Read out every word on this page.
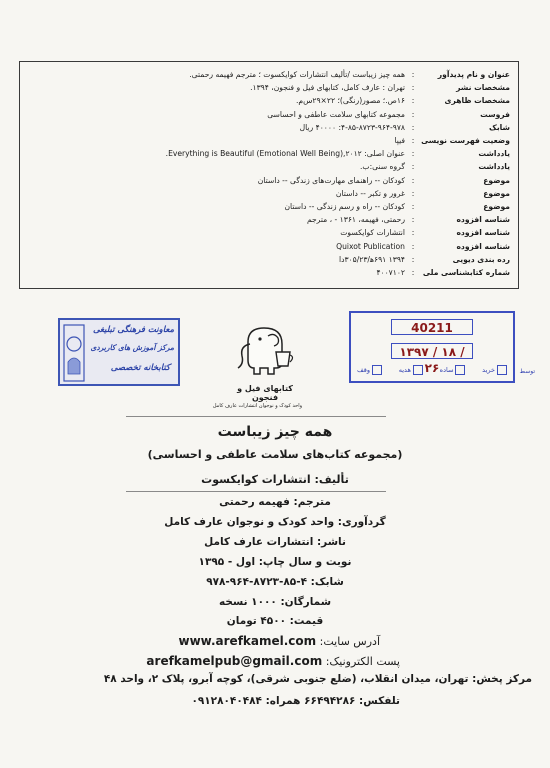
عنوان و نام پدیدآور
:
همه چیز زیباست /تألیف انتشارات کوایکسوت ؛ مترجم فهیمه رحمتی.
مشخصات نشر
:
تهران : عارف کامل، کتابهای فیل و فنجون، ۱۳۹۴.
مشخصات ظاهری
:
۱۶ص.؛ مصور(رنگی)؛ ۲۲×۲۹س‌م.
فروست
:
مجموعه کتابهای سلامت عاطفی و احساسی
شابک
:
۴-۸۵-۸۷۲۳-۹۶۴-۹۷۸: ۴۰۰۰۰ ریال
وضعیت فهرست نویسی
:
فیپا
یادداشت
:
عنوان اصلی: Everything is Beautiful (Emotional Well Being),۲۰۱۲.
یادداشت
:
گروه سنی:ب.
موضوع
:
کودکان -- راهنمای مهارت‌های زندگی -- داستان
موضوع
:
غرور و تکبر -- داستان
موضوع
:
کودکان -- راه و رسم زندگی -- داستان
شناسه افزوده
:
رحمتی، فهیمه، ۱۳۶۱ - ، مترجم
شناسه افزوده
:
انتشارات کوایکسوت
شناسه افزوده
:
Quixot Publication
رده بندی دیویی
:
۱۳۹۴ ۶۹۱ه‍/۳۰۵/۲۳دا
شماره کتابشناسی ملی
:
۴۰۰۷۱۰۲
40211
۱۳۹۷ / ۱۸ / ۲۶	خرید
ساده
هدیه
وقف	توسط
معاونت فرهنگی تبلیغی
مرکز آموزش های کاربردی
کتابخانه تخصصی
کتابهای فیل و فنجون
واحد کودک و نوجوان انتشارات عارف کامل
همه چیز زیباست
(مجموعه کتاب‌های سلامت عاطفی و احساسی)
تألیف: انتشارات کوایکسوت
مترجم: فهیمه رحمتی
گردآوری: واحد کودک و نوجوان عارف کامل
ناشر: انتشارات عارف کامل
نوبت و سال چاپ: اول - ۱۳۹۵
شابک: ۴-۸۵-۸۷۲۳-۹۶۴-۹۷۸
شمارگان: ۱۰۰۰ نسخه
قیمت: ۴۵۰۰ تومان
آدرس سایت: www.arefkamel.com
پست الکترونیک: arefkamelpub@gmail.com
مرکز پخش: تهران، میدان انقلاب، (ضلع جنوبی شرقی)، کوچه آبرو، پلاک ۲، واحد ۴۸
تلفکس: ۶۶۴۹۴۲۸۶ همراه: ۰۹۱۲۸۰۴۰۴۸۴
